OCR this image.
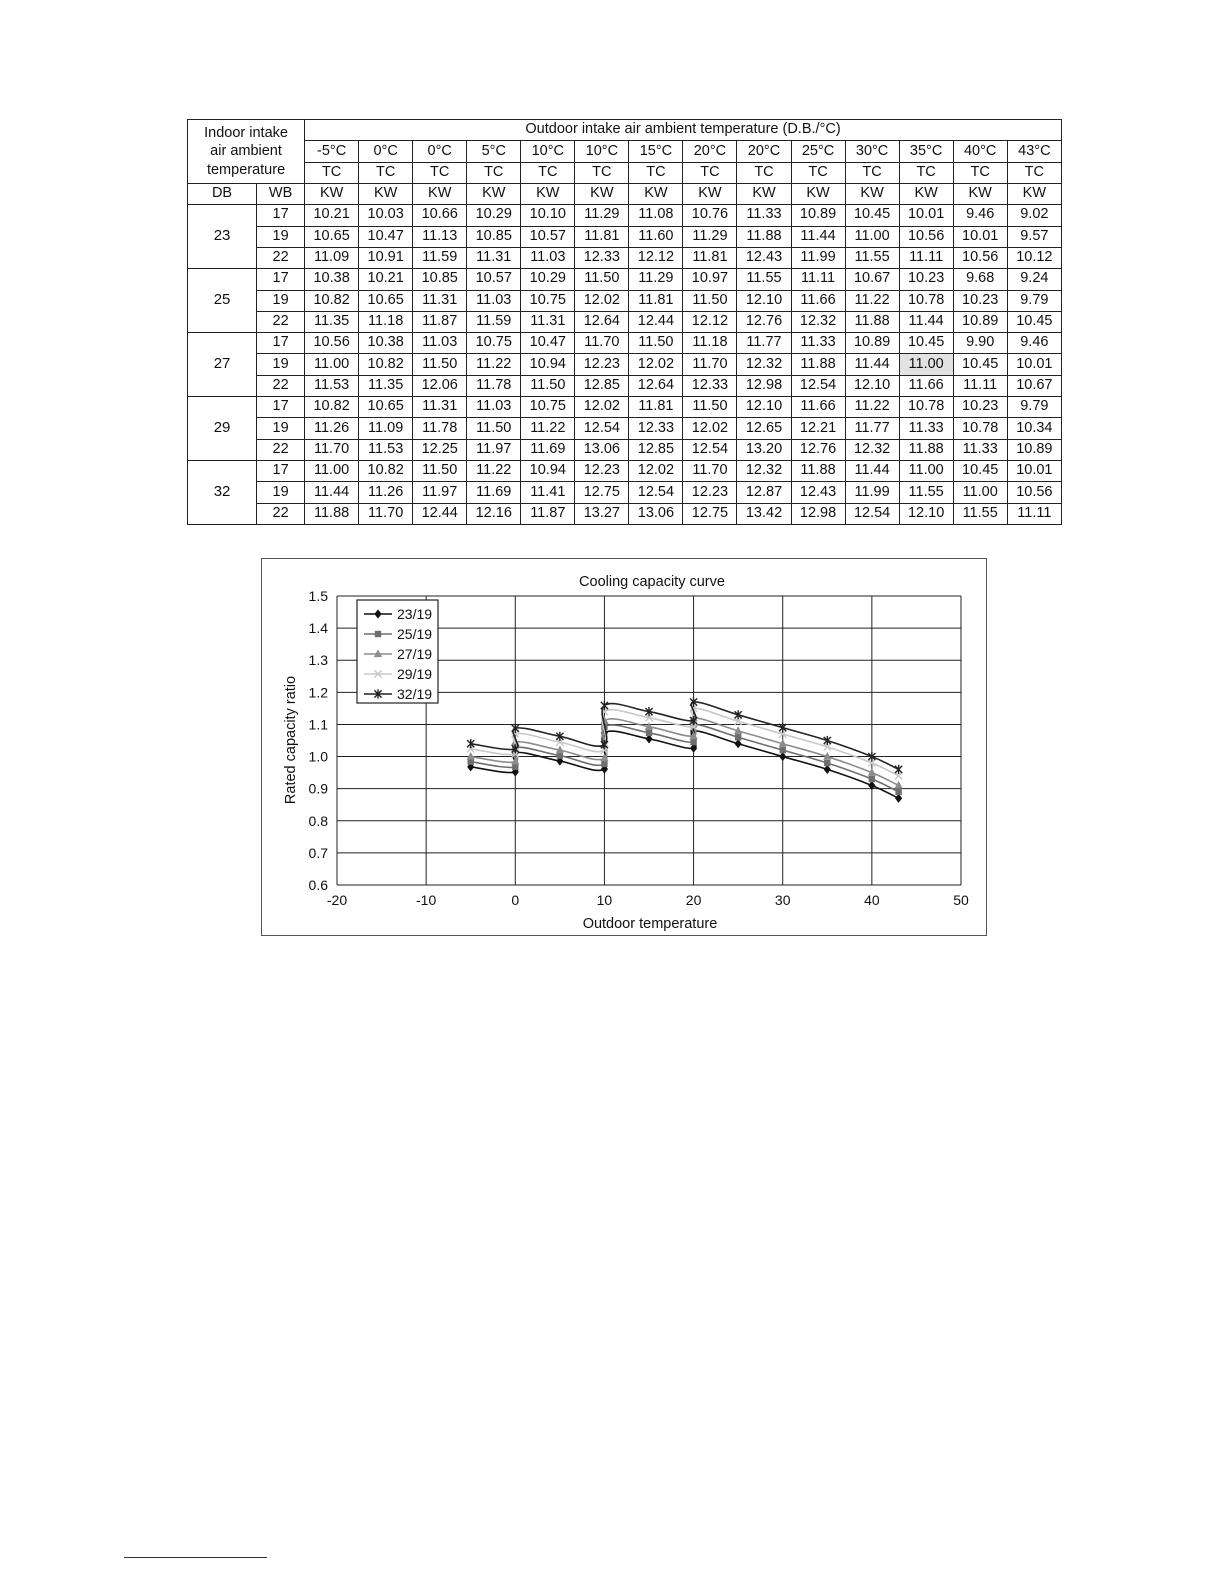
Indoor intake
air ambient
temperature		Outdoor intake air ambient temperature (D.B./°C)													
		-5°C	0°C	0°C	5°C	10°C	10°C	15°C	20°C	20°C	25°C	30°C	35°C	40°C	43°C
		TC	TC	TC	TC	TC	TC	TC	TC	TC	TC	TC	TC	TC	TC
DB	WB	KW	KW	KW	KW	KW	KW	KW	KW	KW	KW	KW	KW	KW	KW
23	17	10.21	10.03	10.66	10.29	10.10	11.29	11.08	10.76	11.33	10.89	10.45	10.01	9.46	9.02
	19	10.65	10.47	11.13	10.85	10.57	11.81	11.60	11.29	11.88	11.44	11.00	10.56	10.01	9.57
	22	11.09	10.91	11.59	11.31	11.03	12.33	12.12	11.81	12.43	11.99	11.55	11.11	10.56	10.12
25	17	10.38	10.21	10.85	10.57	10.29	11.50	11.29	10.97	11.55	11.11	10.67	10.23	9.68	9.24
	19	10.82	10.65	11.31	11.03	10.75	12.02	11.81	11.50	12.10	11.66	11.22	10.78	10.23	9.79
	22	11.35	11.18	11.87	11.59	11.31	12.64	12.44	12.12	12.76	12.32	11.88	11.44	10.89	10.45
27	17	10.56	10.38	11.03	10.75	10.47	11.70	11.50	11.18	11.77	11.33	10.89	10.45	9.90	9.46
	19	11.00	10.82	11.50	11.22	10.94	12.23	12.02	11.70	12.32	11.88	11.44	11.00	10.45	10.01
	22	11.53	11.35	12.06	11.78	11.50	12.85	12.64	12.33	12.98	12.54	12.10	11.66	11.11	10.67
29	17	10.82	10.65	11.31	11.03	10.75	12.02	11.81	11.50	12.10	11.66	11.22	10.78	10.23	9.79
	19	11.26	11.09	11.78	11.50	11.22	12.54	12.33	12.02	12.65	12.21	11.77	11.33	10.78	10.34
	22	11.70	11.53	12.25	11.97	11.69	13.06	12.85	12.54	13.20	12.76	12.32	11.88	11.33	10.89
32	17	11.00	10.82	11.50	11.22	10.94	12.23	12.02	11.70	12.32	11.88	11.44	11.00	10.45	10.01
	19	11.44	11.26	11.97	11.69	11.41	12.75	12.54	12.23	12.87	12.43	11.99	11.55	11.00	10.56
	22	11.88	11.70	12.44	12.16	11.87	13.27	13.06	12.75	13.42	12.98	12.54	12.10	11.55	11.11
-20	-10	0	10	20	30	40	50
0.6
0.7
0.8
0.9
1.0
1.1
1.2
1.3
1.4
1.5
Cooling capacity curve
Outdoor temperature
Rated capacity ratio
23/19
25/19
27/19
29/19
32/19
